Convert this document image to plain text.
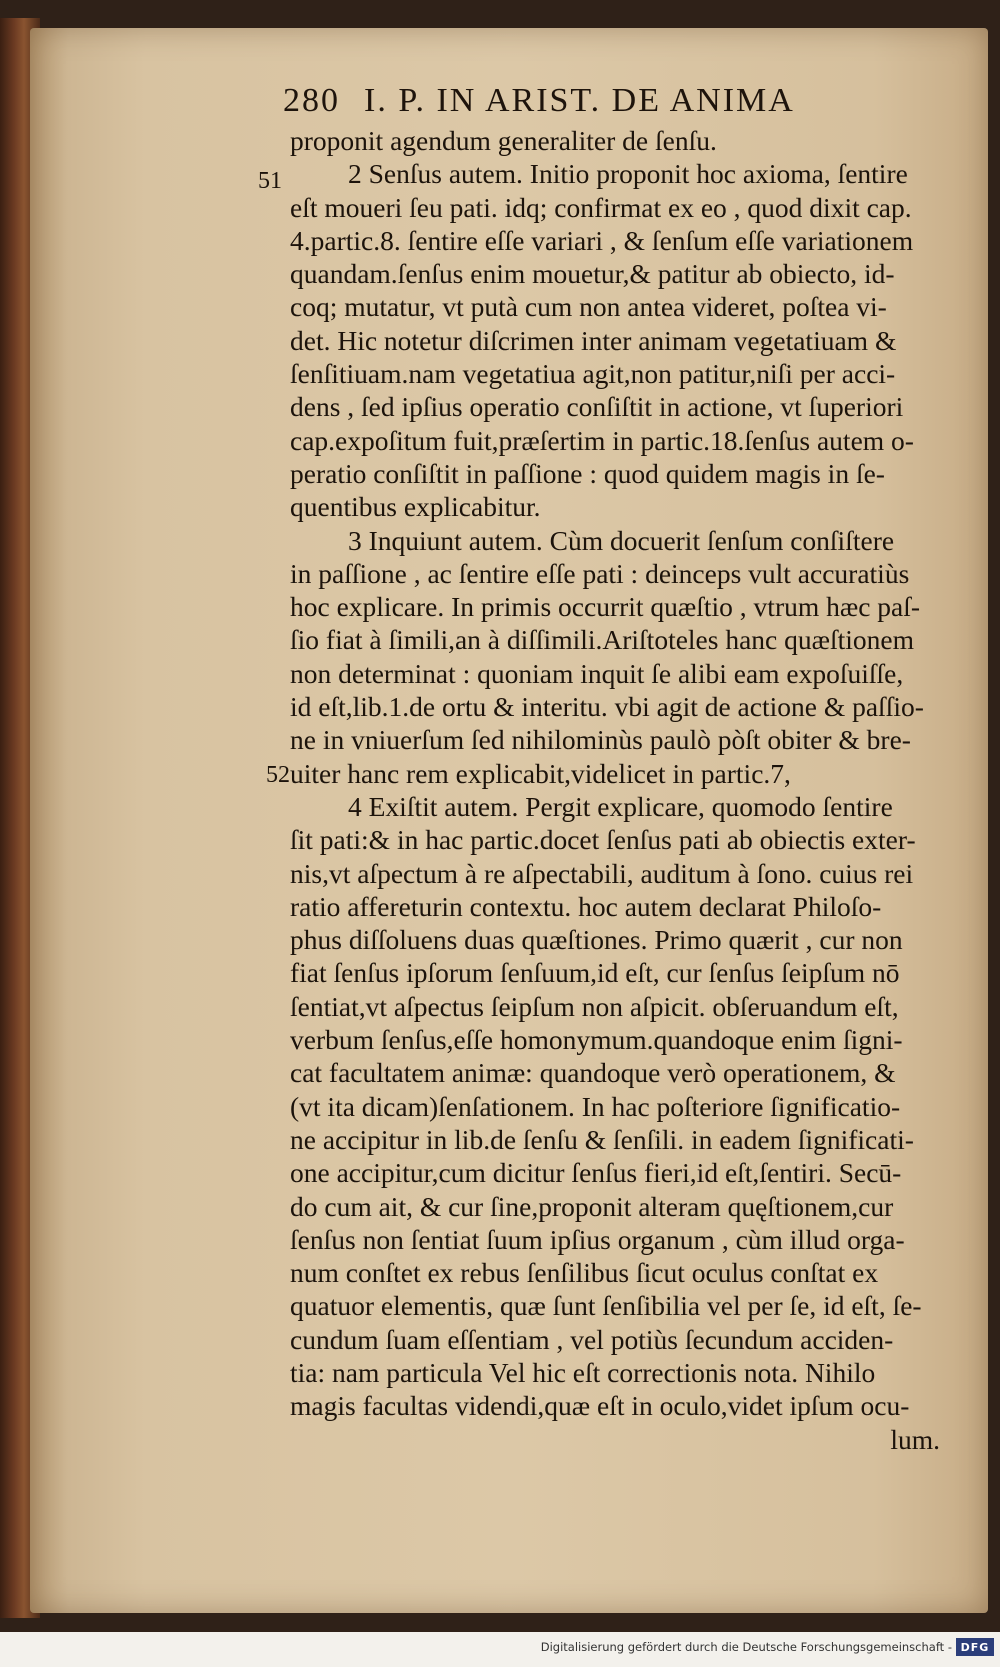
280 I. P. IN ARIST. DE ANIMA
51
52
proponit agendum generaliter de ſenſu.
2 Senſus autem. Initio proponit hoc axioma, ſentire
eſt moueri ſeu pati. idq; confirmat ex eo , quod dixit cap.
4.partic.8. ſentire eſſe variari , & ſenſum eſſe variationem
quandam.ſenſus enim mouetur,& patitur ab obiecto, id-
coq; mutatur, vt putà cum non antea videret, poſtea vi-
det. Hic notetur diſcrimen inter animam vegetatiuam &
ſenſitiuam.nam vegetatiua agit,non patitur,niſi per acci-
dens , ſed ipſius operatio conſiſtit in actione, vt ſuperiori
cap.expoſitum fuit,præſertim in partic.18.ſenſus autem o-
peratio conſiſtit in paſſione : quod quidem magis in ſe-
quentibus explicabitur.
3 Inquiunt autem. Cùm docuerit ſenſum conſiſtere
in paſſione , ac ſentire eſſe pati : deinceps vult accuratiùs
hoc explicare. In primis occurrit quæſtio , vtrum hæc paſ-
ſio fiat à ſimili,an à diſſimili.Ariſtoteles hanc quæſtionem
non determinat : quoniam inquit ſe alibi eam expoſuiſſe,
id eſt,lib.1.de ortu & interitu. vbi agit de actione & paſſio-
ne in vniuerſum ſed nihilominùs paulò pòſt obiter & bre-
uiter hanc rem explicabit,videlicet in partic.7,
4 Exiſtit autem. Pergit explicare, quomodo ſentire
ſit pati:& in hac partic.docet ſenſus pati ab obiectis exter-
nis,vt aſpectum à re aſpectabili, auditum à ſono. cuius rei
ratio affereturin contextu. hoc autem declarat Philoſo-
phus diſſoluens duas quæſtiones. Primo quærit , cur non
fiat ſenſus ipſorum ſenſuum,id eſt, cur ſenſus ſeipſum nō
ſentiat,vt aſpectus ſeipſum non aſpicit. obſeruandum eſt,
verbum ſenſus,eſſe homonymum.quandoque enim ſigni-
cat facultatem animæ: quandoque verò operationem, &
(vt ita dicam)ſenſationem. In hac poſteriore ſignificatio-
ne accipitur in lib.de ſenſu & ſenſili. in eadem ſignificati-
one accipitur,cum dicitur ſenſus fieri,id eſt,ſentiri. Secū-
do cum ait, & cur ſine,proponit alteram quęſtionem,cur
ſenſus non ſentiat ſuum ipſius organum , cùm illud orga-
num conſtet ex rebus ſenſilibus ſicut oculus conſtat ex
quatuor elementis, quæ ſunt ſenſibilia vel per ſe, id eſt, ſe-
cundum ſuam eſſentiam , vel potiùs ſecundum acciden-
tia: nam particula Vel hic eſt correctionis nota. Nihilo
magis facultas videndi,quæ eſt in oculo,videt ipſum ocu-
lum.
Digitalisierung gefördert durch die Deutsche Forschungsgemeinschaft - DFG
